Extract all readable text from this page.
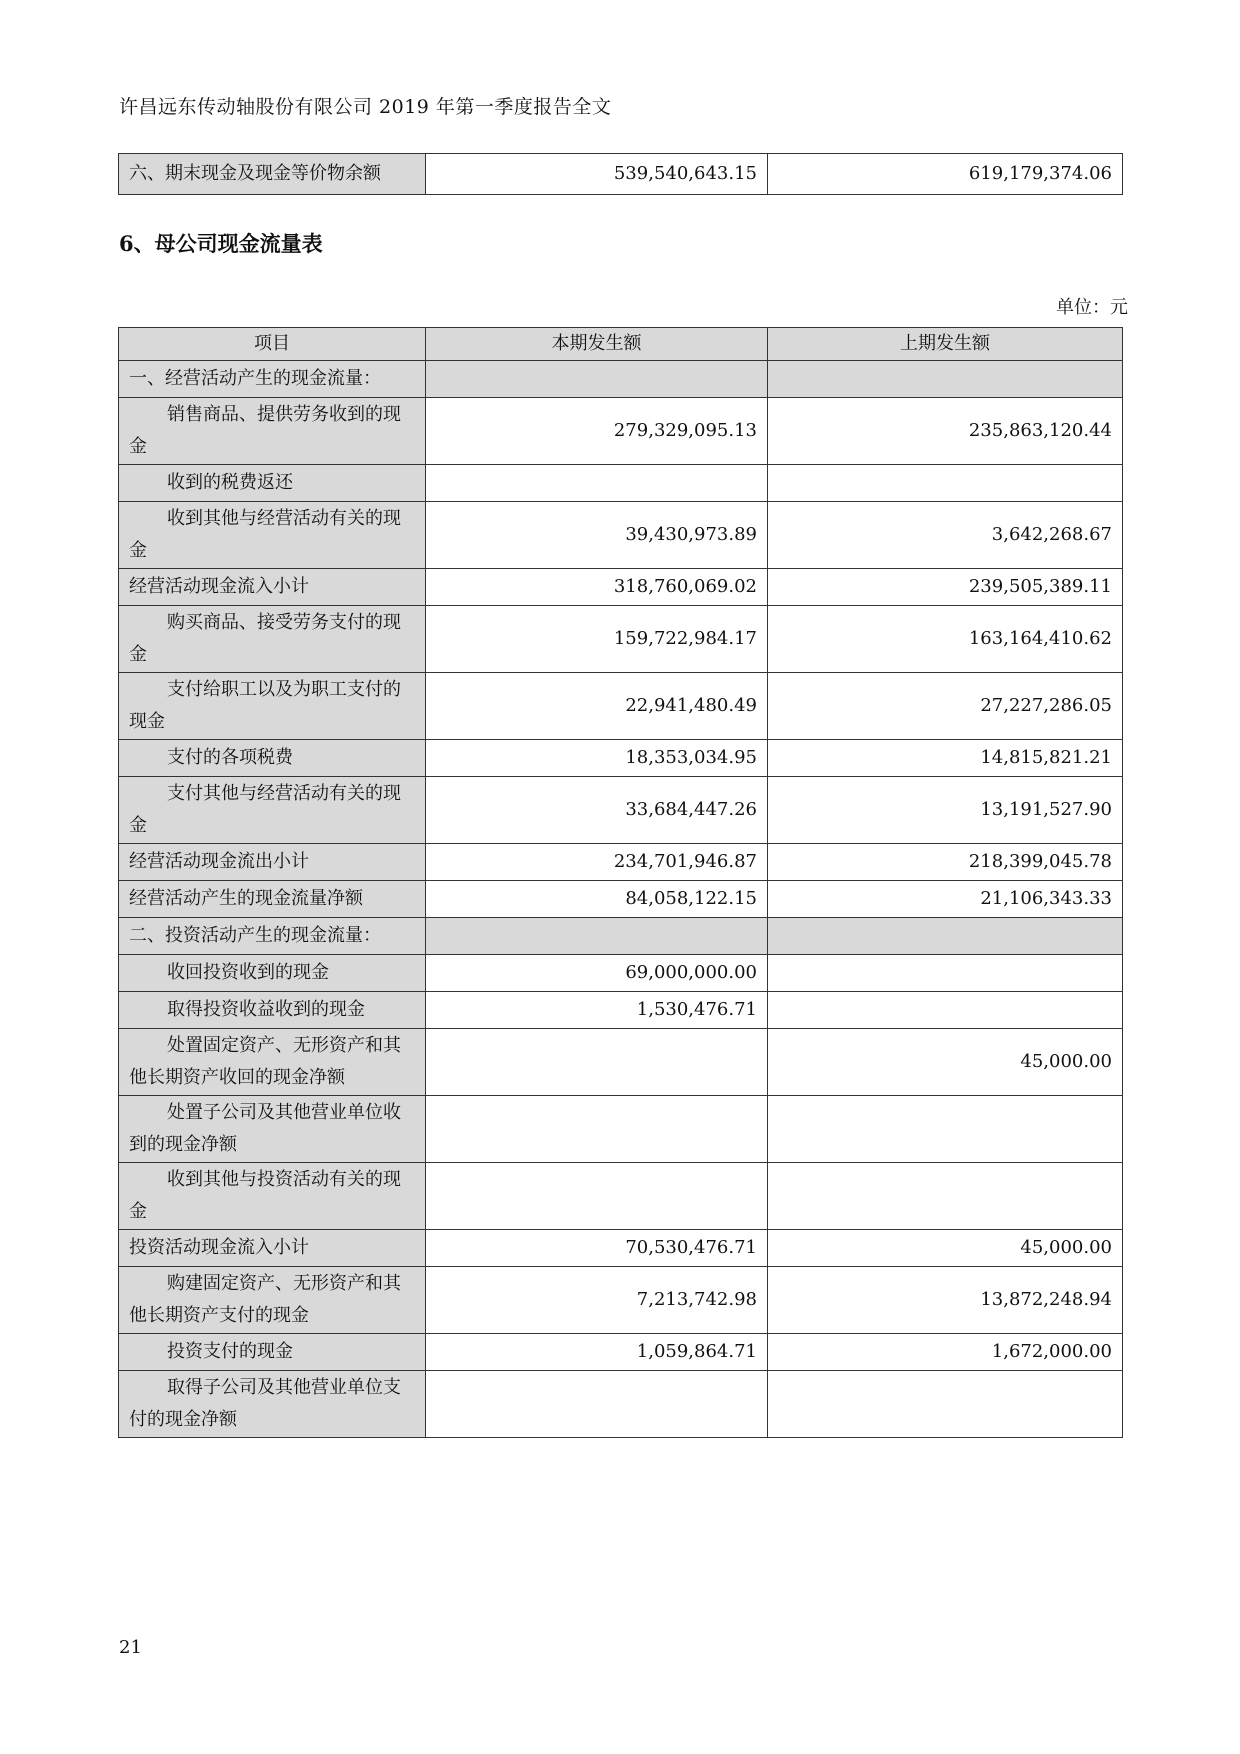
许昌远东传动轴股份有限公司 2019 年第一季度报告全文
六、期末现金及现金等价物余额	539,540,643.15	619,179,374.06
6、母公司现金流量表
单位：元
项目	本期发生额	上期发生额
一、经营活动产生的现金流量：		
销售商品、提供劳务收到的现金	279,329,095.13	235,863,120.44
收到的税费返还		
收到其他与经营活动有关的现金	39,430,973.89	3,642,268.67
经营活动现金流入小计	318,760,069.02	239,505,389.11
购买商品、接受劳务支付的现金	159,722,984.17	163,164,410.62
支付给职工以及为职工支付的现金	22,941,480.49	27,227,286.05
支付的各项税费	18,353,034.95	14,815,821.21
支付其他与经营活动有关的现金	33,684,447.26	13,191,527.90
经营活动现金流出小计	234,701,946.87	218,399,045.78
经营活动产生的现金流量净额	84,058,122.15	21,106,343.33
二、投资活动产生的现金流量：		
收回投资收到的现金	69,000,000.00	
取得投资收益收到的现金	1,530,476.71	
处置固定资产、无形资产和其他长期资产收回的现金净额		45,000.00
处置子公司及其他营业单位收到的现金净额		
收到其他与投资活动有关的现金		
投资活动现金流入小计	70,530,476.71	45,000.00
购建固定资产、无形资产和其他长期资产支付的现金	7,213,742.98	13,872,248.94
投资支付的现金	1,059,864.71	1,672,000.00
取得子公司及其他营业单位支付的现金净额		
21
